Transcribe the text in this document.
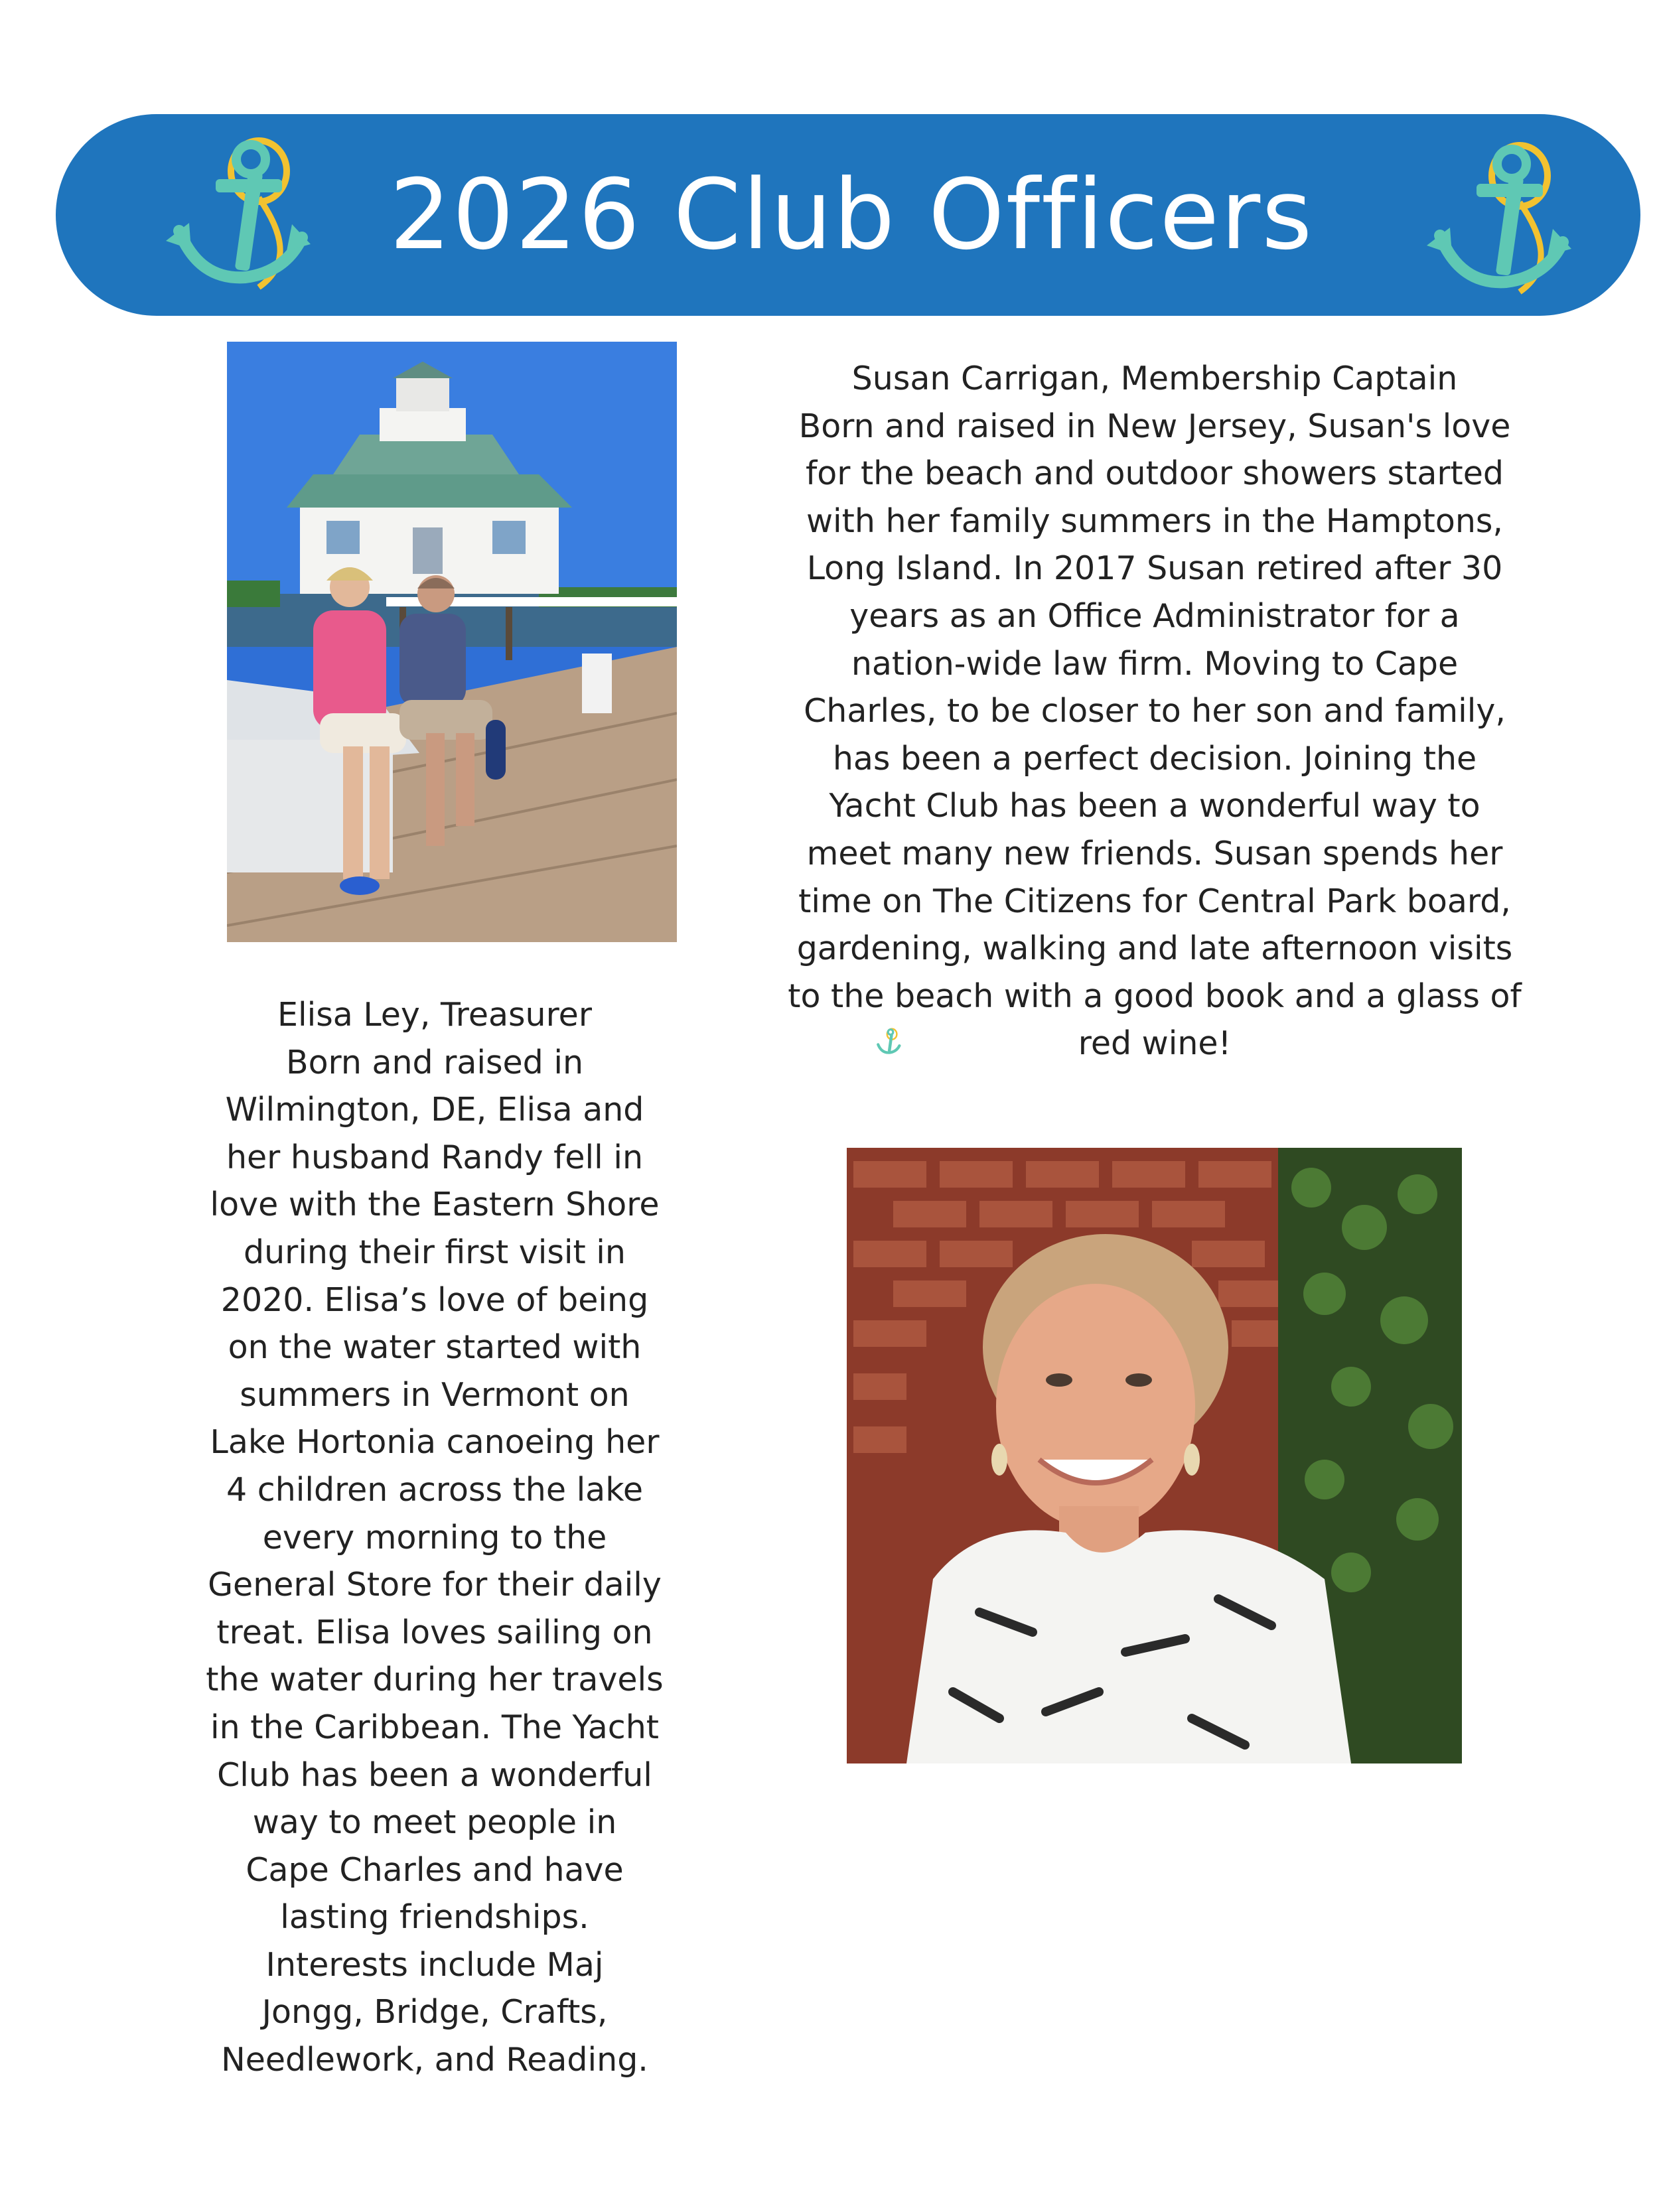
2026 Club Officers
Susan Carrigan, Membership Captain
Born and raised in New Jersey, Susan's love
for the beach and outdoor showers started
with her family summers in the Hamptons,
Long Island. In 2017 Susan retired after 30
years as an Office Administrator for a
nation-wide law firm. Moving to Cape
Charles, to be closer to her son and family,
has been a perfect decision. Joining the
Yacht Club has been a wonderful way to
meet many new friends. Susan spends her
time on The Citizens for Central Park board,
gardening, walking and late afternoon visits
to the beach with a good book and a glass of
red wine!
Elisa Ley, Treasurer
Born and raised in
Wilmington, DE, Elisa and
her husband Randy fell in
love with the Eastern Shore
during their first visit in
2020. Elisa’s love of being
on the water started with
summers in Vermont on
Lake Hortonia canoeing her
4 children across the lake
every morning to the
General Store for their daily
treat. Elisa loves sailing on
the water during her travels
in the Caribbean. The Yacht
Club has been a wonderful
way to meet people in
Cape Charles and have
lasting friendships.
Interests include Maj
Jongg, Bridge, Crafts,
Needlework, and Reading.
